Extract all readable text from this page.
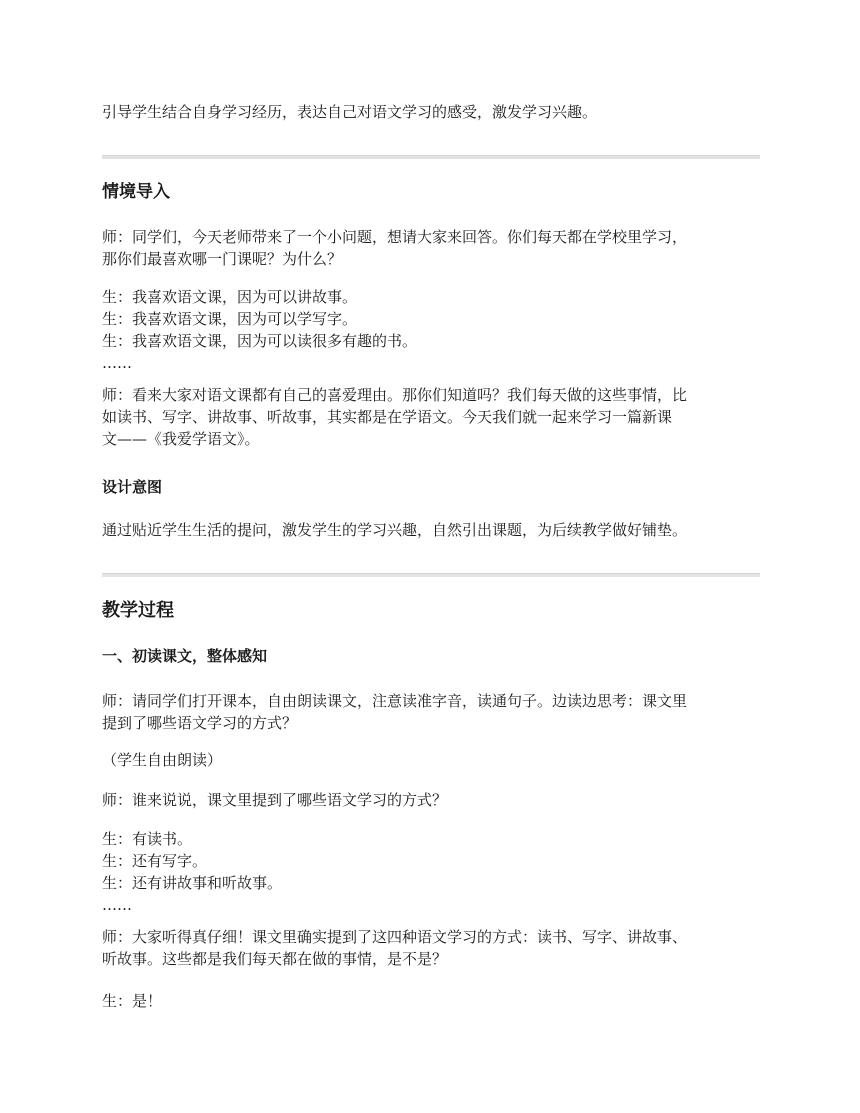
引导学生结合自身学习经历，表达自己对语文学习的感受，激发学习兴趣。

情境导入

师：同学们，今天老师带来了一个小问题，想请大家来回答。你们每天都在学校里学习，

那你们最喜欢哪一门课呢？为什么？

生：我喜欢语文课，因为可以讲故事。

生：我喜欢语文课，因为可以学写字。

生：我喜欢语文课，因为可以读很多有趣的书。

……

师：看来大家对语文课都有自己的喜爱理由。那你们知道吗？我们每天做的这些事情，比

如读书、写字、讲故事、听故事，其实都是在学语文。今天我们就一起来学习一篇新课

文——《我爱学语文》。

设计意图

通过贴近学生生活的提问，激发学生的学习兴趣，自然引出课题，为后续教学做好铺垫。

教学过程
一、初读课文，整体感知

师：请同学们打开课本，自由朗读课文，注意读准字音，读通句子。边读边思考：课文里

提到了哪些语文学习的方式？

（学生自由朗读）

师：谁来说说，课文里提到了哪些语文学习的方式？

生：有读书。

生：还有写字。

生：还有讲故事和听故事。

……

师：大家听得真仔细！课文里确实提到了这四种语文学习的方式：读书、写字、讲故事、

听故事。这些都是我们每天都在做的事情，是不是？

生：是！
